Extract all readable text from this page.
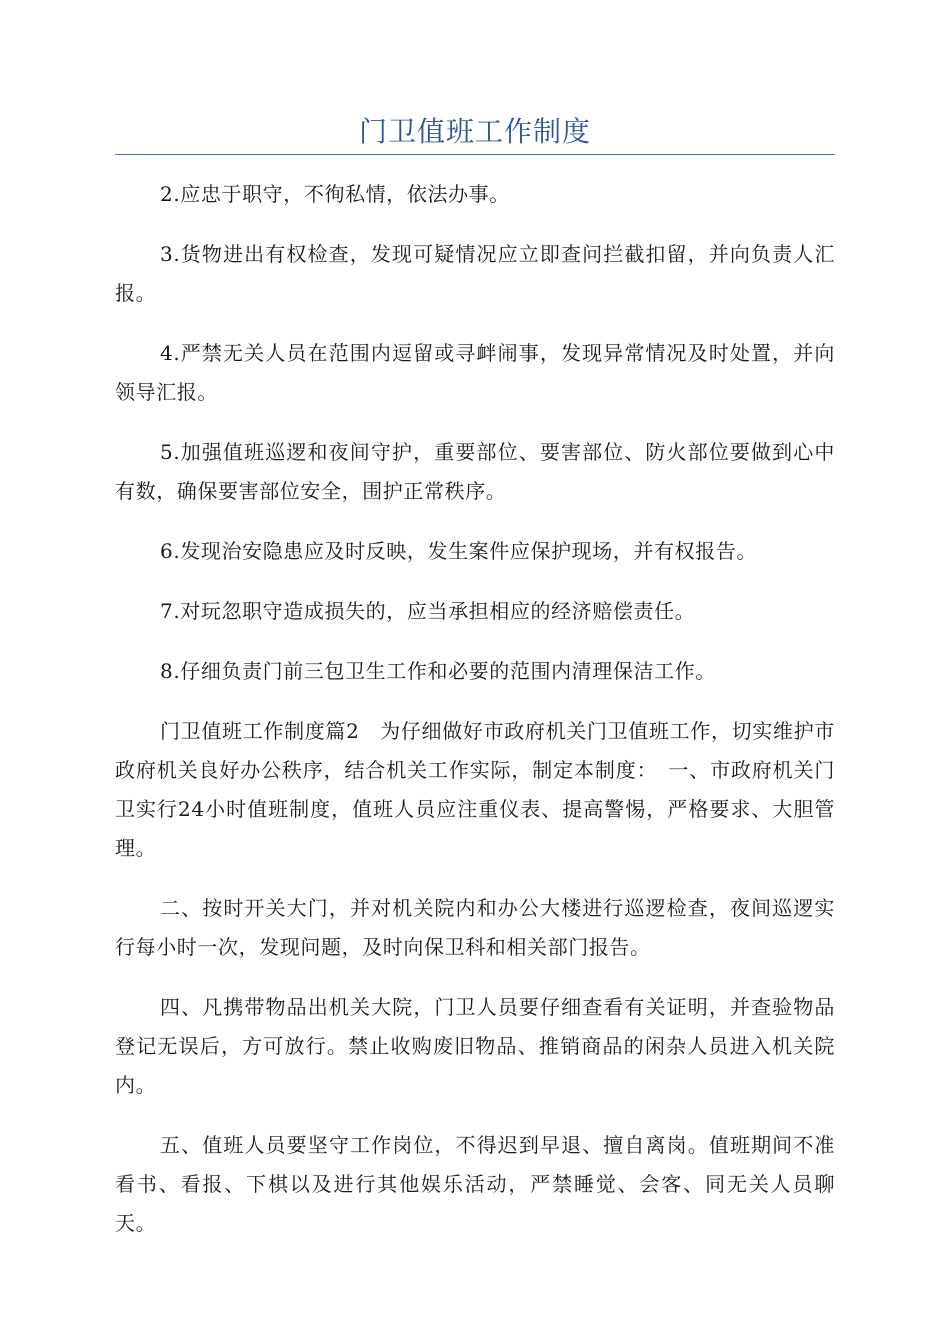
门卫值班工作制度

2.应忠于职守，不徇私情，依法办事。

3.货物进出有权检查，发现可疑情况应立即查问拦截扣留，并向负责人汇报。

4.严禁无关人员在范围内逗留或寻衅闹事，发现异常情况及时处置，并向领导汇报。

5.加强值班巡逻和夜间守护，重要部位、要害部位、防火部位要做到心中有数，确保要害部位安全，围护正常秩序。

6.发现治安隐患应及时反映，发生案件应保护现场，并有权报告。

7.对玩忽职守造成损失的，应当承担相应的经济赔偿责任。

8.仔细负责门前三包卫生工作和必要的范围内清理保洁工作。

门卫值班工作制度篇2　为仔细做好市政府机关门卫值班工作，切实维护市政府机关良好办公秩序，结合机关工作实际，制定本制度：　一、市政府机关门卫实行24小时值班制度，值班人员应注重仪表、提高警惕，严格要求、大胆管理。

二、按时开关大门，并对机关院内和办公大楼进行巡逻检查，夜间巡逻实行每小时一次，发现问题，及时向保卫科和相关部门报告。

四、凡携带物品出机关大院，门卫人员要仔细查看有关证明，并查验物品登记无误后，方可放行。禁止收购废旧物品、推销商品的闲杂人员进入机关院内。

五、值班人员要坚守工作岗位，不得迟到早退、擅自离岗。值班期间不准看书、看报、下棋以及进行其他娱乐活动，严禁睡觉、会客、同无关人员聊天。
